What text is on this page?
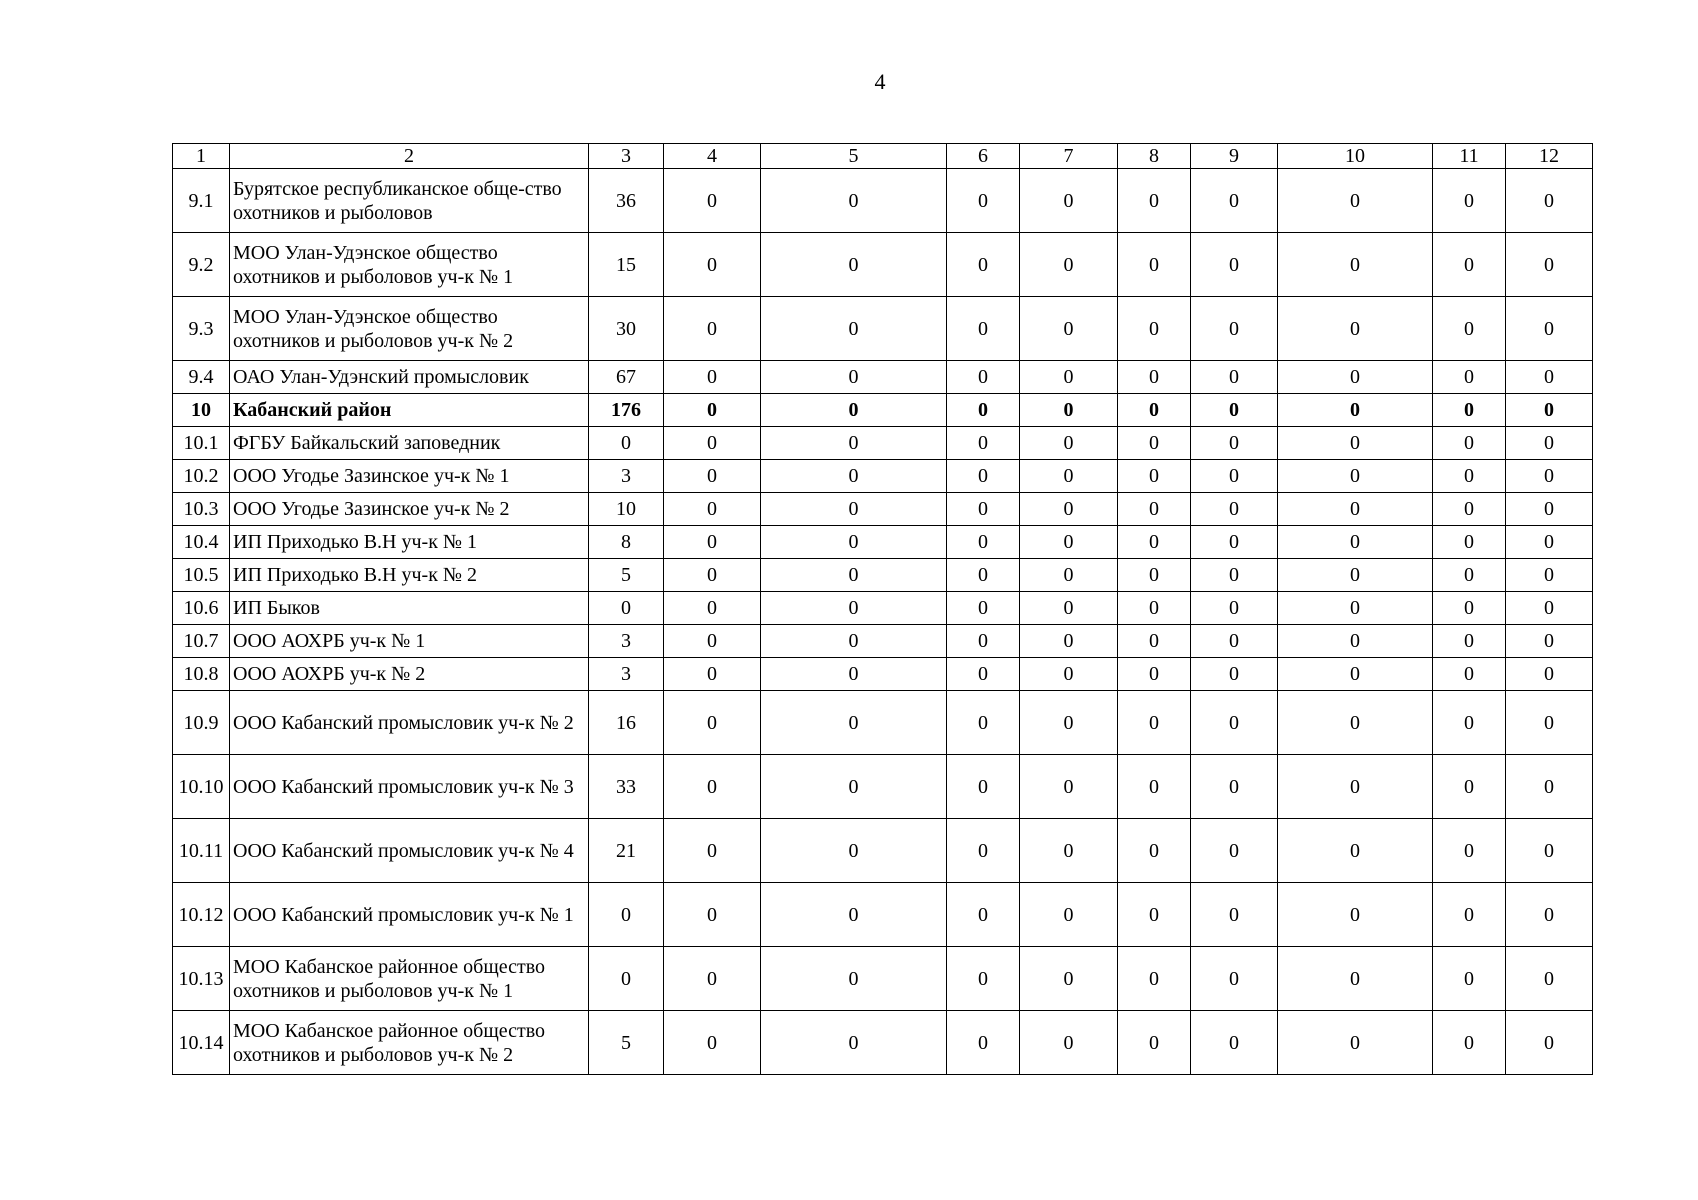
4
1	2	3	4	5	6	7	8	9	10	11	12
9.1	Бурятское республиканское обще-ство охотников и рыболовов	36	0	0	0	0	0	0	0	0	0
9.2	МОО Улан-Удэнское общество охотников и рыболовов уч-к № 1	15	0	0	0	0	0	0	0	0	0
9.3	МОО Улан-Удэнское общество охотников и рыболовов уч-к № 2	30	0	0	0	0	0	0	0	0	0
9.4	ОАО Улан-Удэнский промысловик	67	0	0	0	0	0	0	0	0	0
10	Кабанский район	176	0	0	0	0	0	0	0	0	0
10.1	ФГБУ Байкальский заповедник	0	0	0	0	0	0	0	0	0	0
10.2	ООО Угодье Зазинское уч-к № 1	3	0	0	0	0	0	0	0	0	0
10.3	ООО Угодье Зазинское уч-к № 2	10	0	0	0	0	0	0	0	0	0
10.4	ИП Приходько В.Н уч-к № 1	8	0	0	0	0	0	0	0	0	0
10.5	ИП Приходько В.Н уч-к № 2	5	0	0	0	0	0	0	0	0	0
10.6	ИП Быков	0	0	0	0	0	0	0	0	0	0
10.7	ООО АОХРБ уч-к № 1	3	0	0	0	0	0	0	0	0	0
10.8	ООО АОХРБ уч-к № 2	3	0	0	0	0	0	0	0	0	0
10.9	ООО Кабанский промысловик уч-к № 2	16	0	0	0	0	0	0	0	0	0
10.10	ООО Кабанский промысловик уч-к № 3	33	0	0	0	0	0	0	0	0	0
10.11	ООО Кабанский промысловик уч-к № 4	21	0	0	0	0	0	0	0	0	0
10.12	ООО Кабанский промысловик уч-к № 1	0	0	0	0	0	0	0	0	0	0
10.13	МОО Кабанское районное общество охотников и рыболовов уч-к № 1	0	0	0	0	0	0	0	0	0	0
10.14	МОО Кабанское районное общество охотников и рыболовов уч-к № 2	5	0	0	0	0	0	0	0	0	0
